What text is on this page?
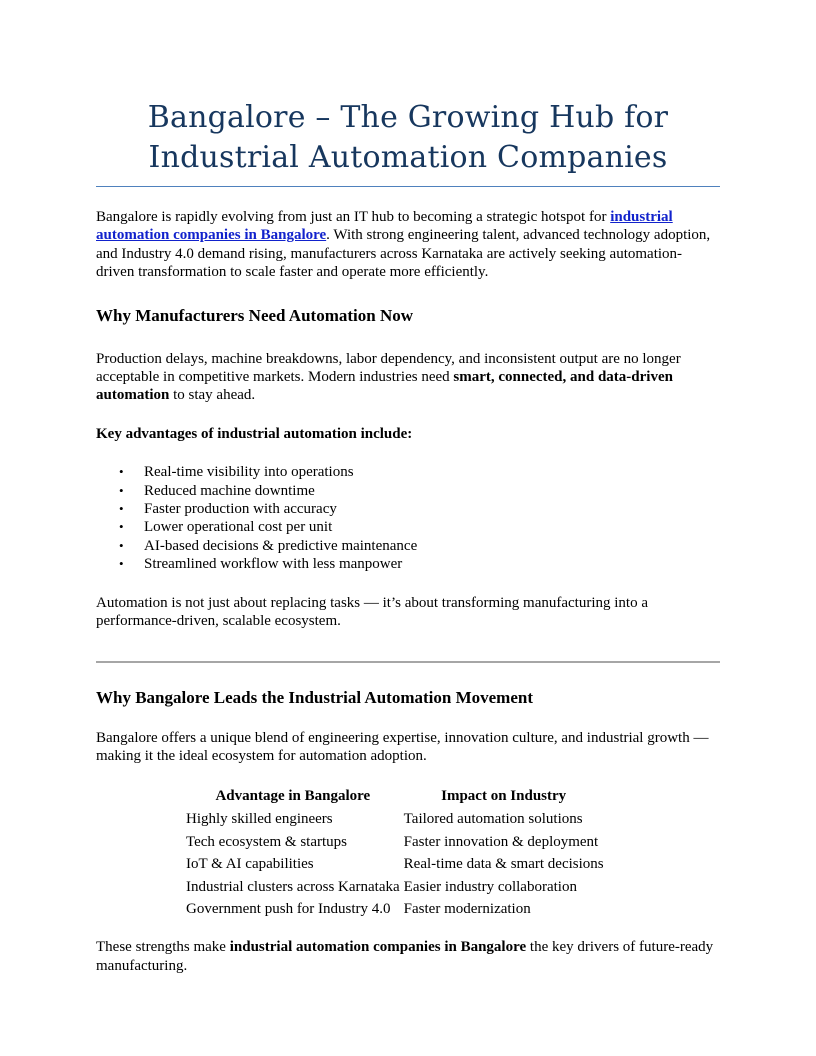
Bangalore – The Growing Hub for Industrial Automation Companies

Bangalore is rapidly evolving from just an IT hub to becoming a strategic hotspot for industrial automation companies in Bangalore. With strong engineering talent, advanced technology adoption, and Industry 4.0 demand rising, manufacturers across Karnataka are actively seeking automation-driven transformation to scale faster and operate more efficiently.

Why Manufacturers Need Automation Now

Production delays, machine breakdowns, labor dependency, and inconsistent output are no longer acceptable in competitive markets. Modern industries need smart, connected, and data-driven automation to stay ahead.

Key advantages of industrial automation include:

• Real-time visibility into operations
• Reduced machine downtime
• Faster production with accuracy
• Lower operational cost per unit
• AI-based decisions & predictive maintenance
• Streamlined workflow with less manpower

Automation is not just about replacing tasks — it’s about transforming manufacturing into a performance-driven, scalable ecosystem.

Why Bangalore Leads the Industrial Automation Movement

Bangalore offers a unique blend of engineering expertise, innovation culture, and industrial growth — making it the ideal ecosystem for automation adoption.

Advantage in Bangalore	Impact on Industry
Highly skilled engineers	Tailored automation solutions
Tech ecosystem & startups	Faster innovation & deployment
IoT & AI capabilities	Real-time data & smart decisions
Industrial clusters across Karnataka	Easier industry collaboration
Government push for Industry 4.0	Faster modernization

These strengths make industrial automation companies in Bangalore the key drivers of future-ready manufacturing.
